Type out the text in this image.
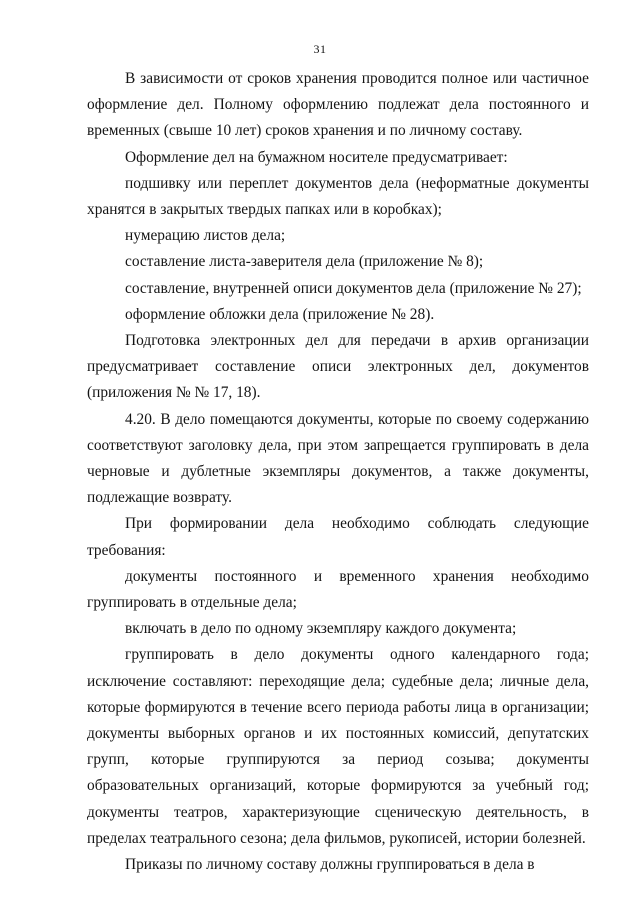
31

В зависимости от сроков хранения проводится полное или частичное оформление дел. Полному оформлению подлежат дела постоянного и временных (свыше 10 лет) сроков хранения и по личному составу.

Оформление дел на бумажном носителе предусматривает:

подшивку или переплет документов дела (неформатные документы хранятся в закрытых твердых папках или в коробках);

нумерацию листов дела;

составление листа-заверителя дела (приложение № 8);

составление, внутренней описи документов дела (приложение № 27);

оформление обложки дела (приложение № 28).

Подготовка электронных дел для передачи в архив организации предусматривает составление описи электронных дел, документов (приложения № № 17, 18).

4.20. В дело помещаются документы, которые по своему содержанию соответствуют заголовку дела, при этом запрещается группировать в дела черновые и дублетные экземпляры документов, а также документы, подлежащие возврату.

При формировании дела необходимо соблюдать следующие требования:

документы постоянного и временного хранения необходимо группировать в отдельные дела;

включать в дело по одному экземпляру каждого документа;

группировать в дело документы одного календарного года; исключение составляют: переходящие дела; судебные дела; личные дела, которые формируются в течение всего периода работы лица в организации; документы выборных органов и их постоянных комиссий, депутатских групп, которые группируются за период созыва; документы образовательных организаций, которые формируются за учебный год; документы театров, характеризующие сценическую деятельность, в пределах театрального сезона; дела фильмов, рукописей, истории болезней.

Приказы по личному составу должны группироваться в дела в
